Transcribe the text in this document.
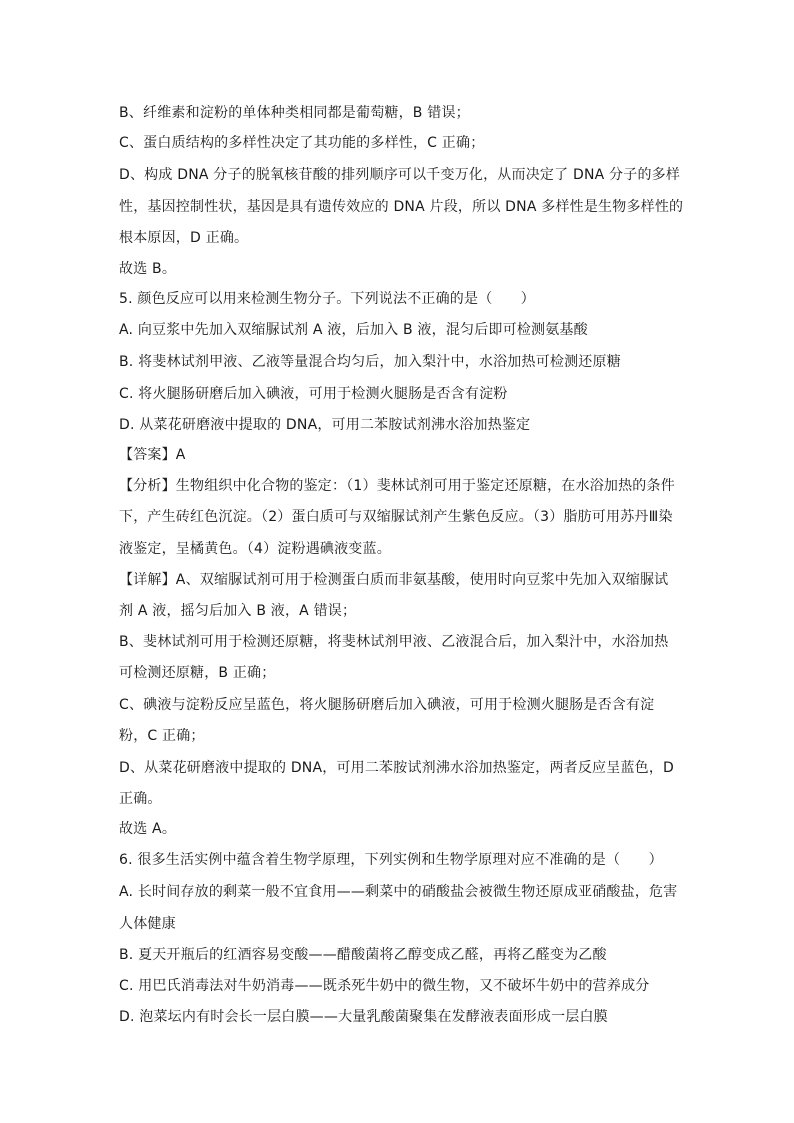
B、纤维素和淀粉的单体种类相同都是葡萄糖，B 错误；
C、蛋白质结构的多样性决定了其功能的多样性，C 正确；
D、构成 DNA 分子的脱氧核苷酸的排列顺序可以千变万化，从而决定了 DNA 分子的多样
性，基因控制性状，基因是具有遗传效应的 DNA 片段，所以 DNA 多样性是生物多样性的
根本原因，D 正确。
故选 B。
5. 颜色反应可以用来检测生物分子。下列说法不正确的是（　　）
A. 向豆浆中先加入双缩脲试剂 A 液，后加入 B 液，混匀后即可检测氨基酸
B. 将斐林试剂甲液、乙液等量混合均匀后，加入梨汁中，水浴加热可检测还原糖
C. 将火腿肠研磨后加入碘液，可用于检测火腿肠是否含有淀粉
D. 从菜花研磨液中提取的 DNA，可用二苯胺试剂沸水浴加热鉴定
【答案】A
【分析】生物组织中化合物的鉴定：（1）斐林试剂可用于鉴定还原糖，在水浴加热的条件
下，产生砖红色沉淀。（2）蛋白质可与双缩脲试剂产生紫色反应。（3）脂肪可用苏丹Ⅲ染
液鉴定，呈橘黄色。（4）淀粉遇碘液变蓝。
【详解】A、双缩脲试剂可用于检测蛋白质而非氨基酸，使用时向豆浆中先加入双缩脲试
剂 A 液，摇匀后加入 B 液，A 错误；
B、斐林试剂可用于检测还原糖，将斐林试剂甲液、乙液混合后，加入梨汁中，水浴加热
可检测还原糖，B 正确；
C、碘液与淀粉反应呈蓝色，将火腿肠研磨后加入碘液，可用于检测火腿肠是否含有淀
粉，C 正确；
D、从菜花研磨液中提取的 DNA，可用二苯胺试剂沸水浴加热鉴定，两者反应呈蓝色，D
正确。
故选 A。
6. 很多生活实例中蕴含着生物学原理，下列实例和生物学原理对应不准确的是（　　）
A. 长时间存放的剩菜一般不宜食用——剩菜中的硝酸盐会被微生物还原成亚硝酸盐，危害
人体健康
B. 夏天开瓶后的红酒容易变酸——醋酸菌将乙醇变成乙醛，再将乙醛变为乙酸
C. 用巴氏消毒法对牛奶消毒——既杀死牛奶中的微生物，又不破坏牛奶中的营养成分
D. 泡菜坛内有时会长一层白膜——大量乳酸菌聚集在发酵液表面形成一层白膜
